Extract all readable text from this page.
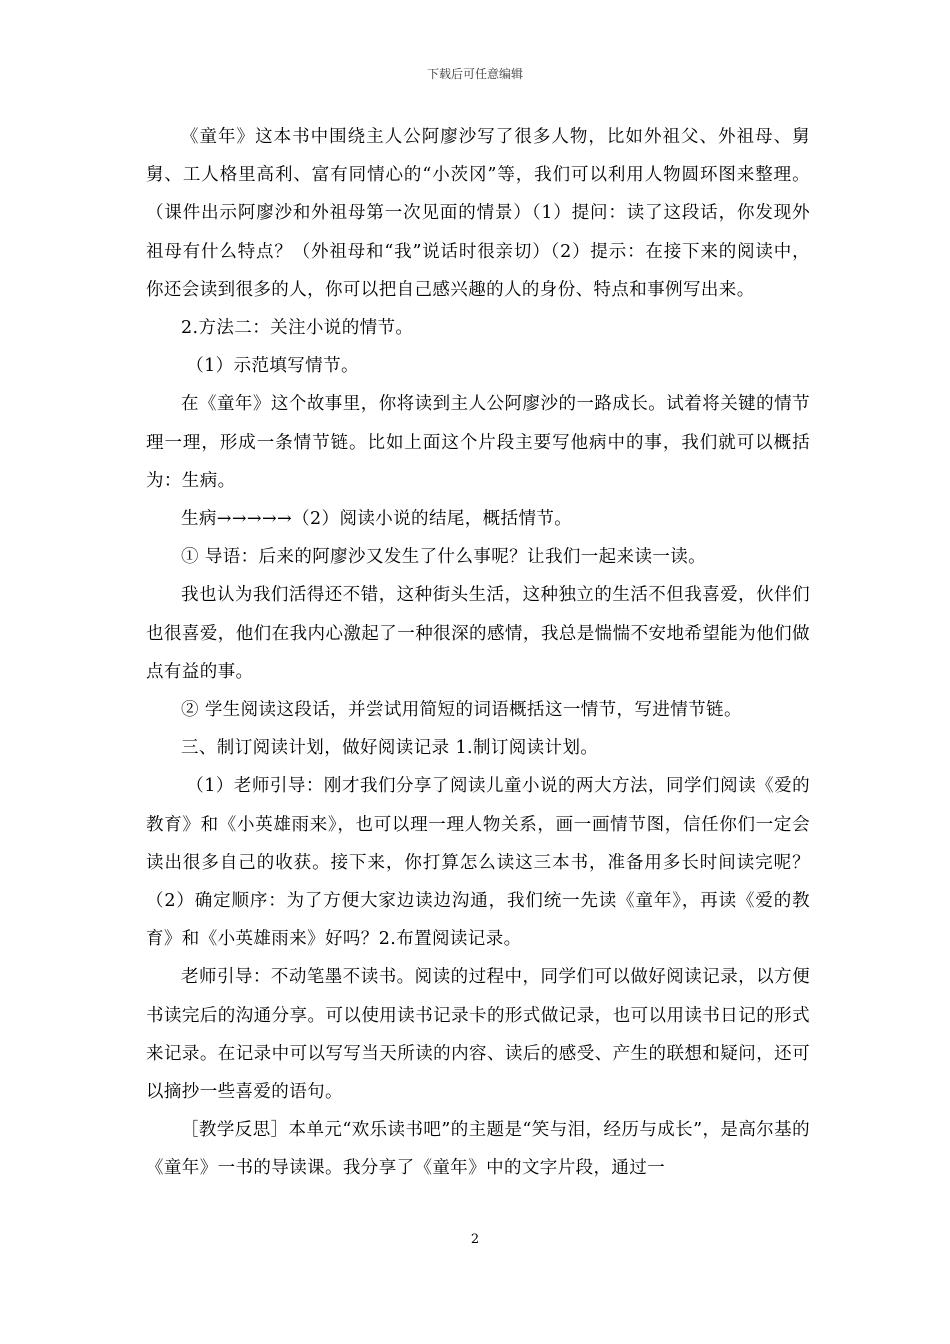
下载后可任意编辑

《童年》这本书中围绕主人公阿廖沙写了很多人物，比如外祖父、外祖母、舅舅、工人格里高利、富有同情心的“小茨冈”等，我们可以利用人物圆环图来整理。（课件出示阿廖沙和外祖母第一次见面的情景）（1）提问：读了这段话，你发现外祖母有什么特点？（外祖母和“我”说话时很亲切）（2）提示：在接下来的阅读中，你还会读到很多的人，你可以把自己感兴趣的人的身份、特点和事例写出来。

2.方法二：关注小说的情节。

（1）示范填写情节。

在《童年》这个故事里，你将读到主人公阿廖沙的一路成长。试着将关键的情节理一理，形成一条情节链。比如上面这个片段主要写他病中的事，我们就可以概括为：生病。

生病→→→→→（2）阅读小说的结尾，概括情节。

① 导语：后来的阿廖沙又发生了什么事呢？让我们一起来读一读。

我也认为我们活得还不错，这种街头生活，这种独立的生活不但我喜爱，伙伴们也很喜爱，他们在我内心激起了一种很深的感情，我总是惴惴不安地希望能为他们做点有益的事。

② 学生阅读这段话，并尝试用简短的词语概括这一情节，写进情节链。

三、制订阅读计划，做好阅读记录 1.制订阅读计划。

（1）老师引导：刚才我们分享了阅读儿童小说的两大方法，同学们阅读《爱的教育》和《小英雄雨来》，也可以理一理人物关系，画一画情节图，信任你们一定会读出很多自己的收获。接下来，你打算怎么读这三本书，准备用多长时间读完呢？（2）确定顺序：为了方便大家边读边沟通，我们统一先读《童年》，再读《爱的教育》和《小英雄雨来》好吗？2.布置阅读记录。

老师引导：不动笔墨不读书。阅读的过程中，同学们可以做好阅读记录，以方便书读完后的沟通分享。可以使用读书记录卡的形式做记录，也可以用读书日记的形式来记录。在记录中可以写写当天所读的内容、读后的感受、产生的联想和疑问，还可以摘抄一些喜爱的语句。

［教学反思］本单元“欢乐读书吧”的主题是“笑与泪，经历与成长”，是高尔基的《童年》一书的导读课。我分享了《童年》中的文字片段，通过一

2
